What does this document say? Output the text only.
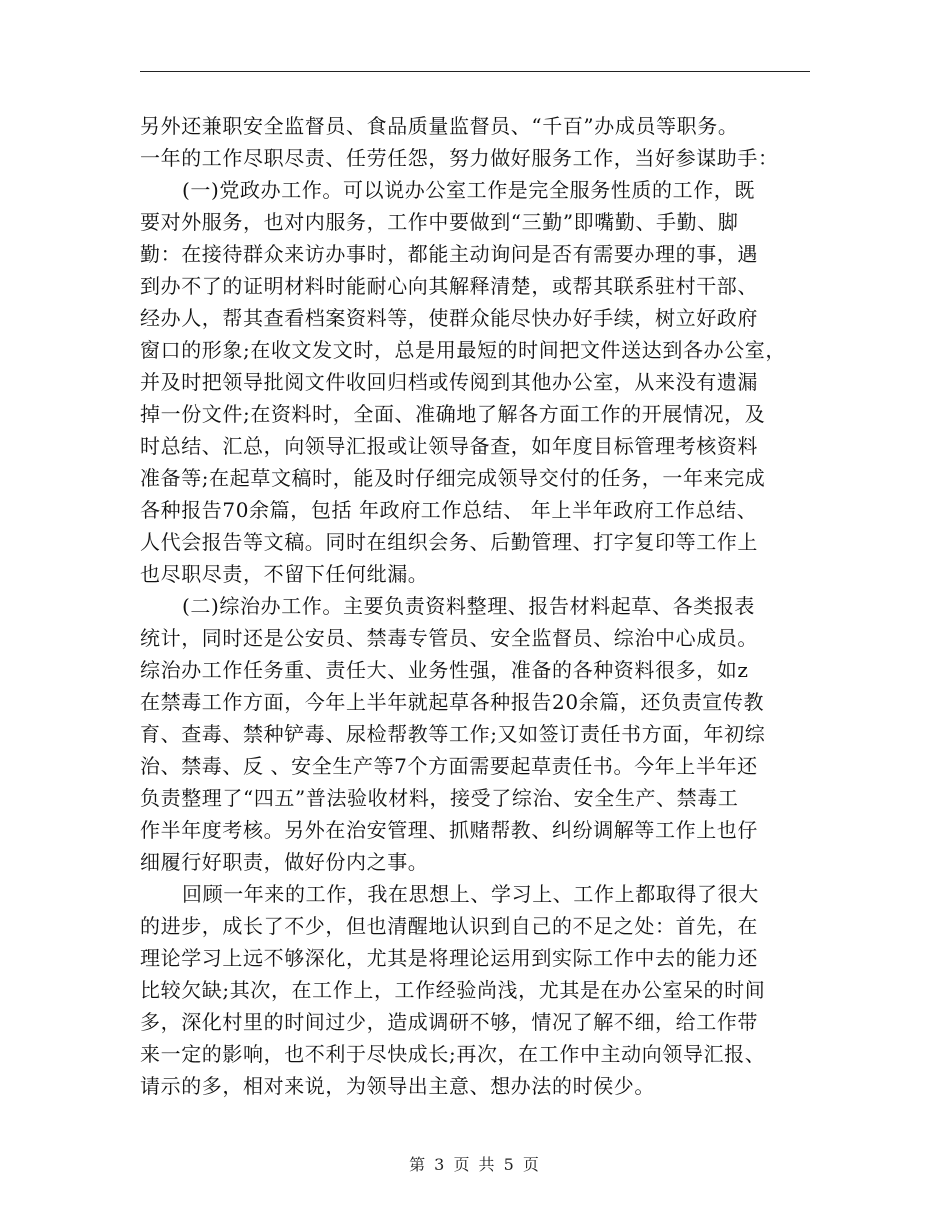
另外还兼职安全监督员、食品质量监督员、“千百”办成员等职务。
一年的工作尽职尽责、任劳任怨，努力做好服务工作，当好参谋助手：
(一)党政办工作。可以说办公室工作是完全服务性质的工作，既
要对外服务，也对内服务，工作中要做到“三勤”即嘴勤、手勤、脚
勤：在接待群众来访办事时，都能主动询问是否有需要办理的事，遇
到办不了的证明材料时能耐心向其解释清楚，或帮其联系驻村干部、
经办人，帮其查看档案资料等，使群众能尽快办好手续，树立好政府
窗口的形象;在收文发文时，总是用最短的时间把文件送达到各办公室，
并及时把领导批阅文件收回归档或传阅到其他办公室，从来没有遗漏
掉一份文件;在资料时，全面、准确地了解各方面工作的开展情况，及
时总结、汇总，向领导汇报或让领导备查，如年度目标管理考核资料
准备等;在起草文稿时，能及时仔细完成领导交付的任务，一年来完成
各种报告70余篇，包括 年政府工作总结、 年上半年政府工作总结、
人代会报告等文稿。同时在组织会务、后勤管理、打字复印等工作上
也尽职尽责，不留下任何纰漏。
(二)综治办工作。主要负责资料整理、报告材料起草、各类报表
统计，同时还是公安员、禁毒专管员、安全监督员、综治中心成员。
综治办工作任务重、责任大、业务性强，准备的各种资料很多，如z
在禁毒工作方面，今年上半年就起草各种报告20余篇，还负责宣传教
育、查毒、禁种铲毒、尿检帮教等工作;又如签订责任书方面，年初综
治、禁毒、反 、安全生产等7个方面需要起草责任书。今年上半年还
负责整理了“四五”普法验收材料，接受了综治、安全生产、禁毒工
作半年度考核。另外在治安管理、抓赌帮教、纠纷调解等工作上也仔
细履行好职责，做好份内之事。
回顾一年来的工作，我在思想上、学习上、工作上都取得了很大
的进步，成长了不少，但也清醒地认识到自己的不足之处：首先，在
理论学习上远不够深化，尤其是将理论运用到实际工作中去的能力还
比较欠缺;其次，在工作上，工作经验尚浅，尤其是在办公室呆的时间
多，深化村里的时间过少，造成调研不够，情况了解不细，给工作带
来一定的影响，也不利于尽快成长;再次，在工作中主动向领导汇报、
请示的多，相对来说，为领导出主意、想办法的时侯少。
第 3 页 共 5 页
